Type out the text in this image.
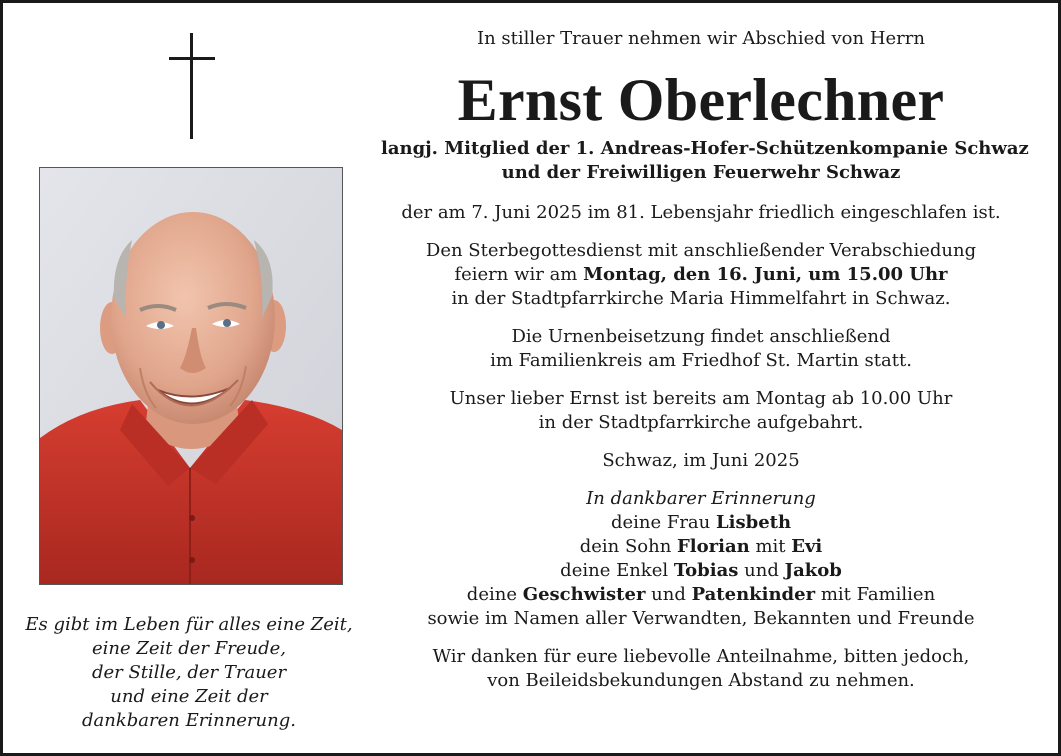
Es gibt im Leben für alles eine Zeit,
eine Zeit der Freude,
der Stille, der Trauer
und eine Zeit der
dankbaren Erinnerung.
In stiller Trauer nehmen wir Abschied von Herrn
Ernst Oberlechner
langj. Mitglied der 1. Andreas-Hofer-Schützenkompanie Schwaz
und der Freiwilligen Feuerwehr Schwaz
der am 7. Juni 2025 im 81. Lebensjahr friedlich eingeschlafen ist.
Den Sterbegottesdienst mit anschließender Verabschiedung
feiern wir am Montag, den 16. Juni, um 15.00 Uhr
in der Stadtpfarrkirche Maria Himmelfahrt in Schwaz.
Die Urnenbeisetzung findet anschließend
im Familienkreis am Friedhof St. Martin statt.
Unser lieber Ernst ist bereits am Montag ab 10.00 Uhr
in der Stadtpfarrkirche aufgebahrt.
Schwaz, im Juni 2025
In dankbarer Erinnerung
deine Frau Lisbeth
dein Sohn Florian mit Evi
deine Enkel Tobias und Jakob
deine Geschwister und Patenkinder mit Familien
sowie im Namen aller Verwandten, Bekannten und Freunde
Wir danken für eure liebevolle Anteilnahme, bitten jedoch,
von Beileidsbekundungen Abstand zu nehmen.
